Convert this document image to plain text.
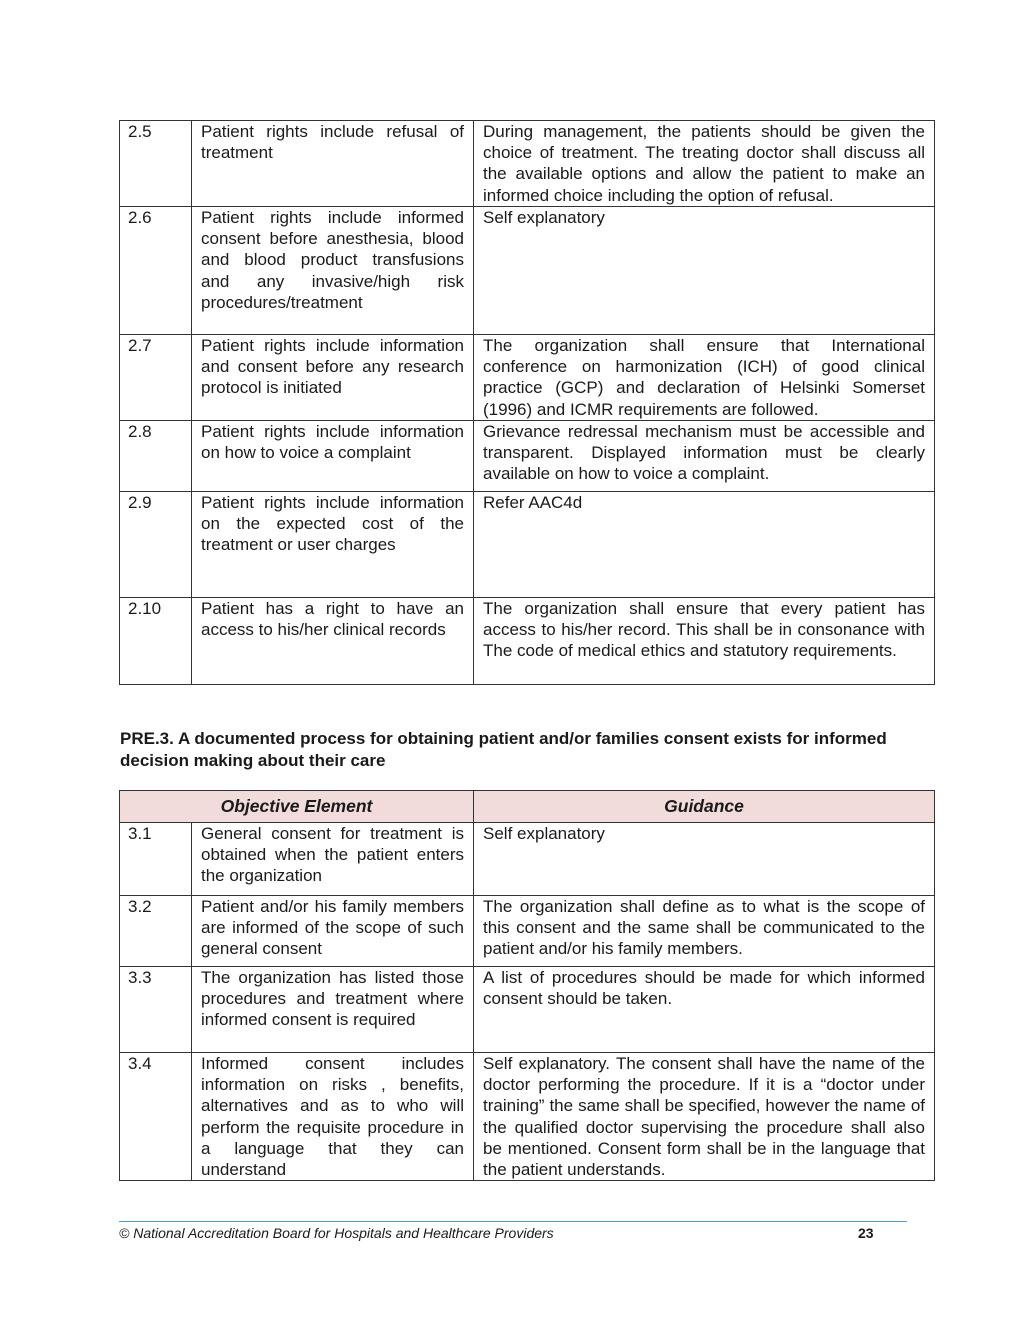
2.5	Patient rights include refusal of treatment	During management, the patients should be given the choice of treatment. The treating doctor shall discuss all the available options and allow the patient to make an informed choice including the option of refusal.
2.6	Patient rights include informed consent before anesthesia, blood and blood product transfusions and any invasive/high risk procedures/treatment	Self explanatory
2.7	Patient rights include information and consent before any research protocol is initiated	The organization shall ensure that International conference on harmonization (ICH) of good clinical practice (GCP) and declaration of Helsinki Somerset (1996) and ICMR requirements are followed.
2.8	Patient rights include information on how to voice a complaint	Grievance redressal mechanism must be accessible and transparent. Displayed information must be clearly available on how to voice a complaint.
2.9	Patient rights include information on the expected cost of the treatment or user charges	Refer AAC4d
2.10	Patient has a right to have an access to his/her clinical records	The organization shall ensure that every patient has access to his/her record. This shall be in consonance with The code of medical ethics and statutory requirements.

PRE.3. A documented process for obtaining patient and/or families consent exists for informed decision making about their care

Objective Element		Guidance
3.1	General consent for treatment is obtained when the patient enters the organization	Self explanatory
3.2	Patient and/or his family members are informed of the scope of such general consent	The organization shall define as to what is the scope of this consent and the same shall be communicated to the patient and/or his family members.
3.3	The organization has listed those procedures and treatment where informed consent is required	A list of procedures should be made for which informed consent should be taken.
3.4	Informed consent includes information on risks , benefits, alternatives and as to who will perform the requisite procedure in a language that they can understand	Self explanatory. The consent shall have the name of the doctor performing the procedure. If it is a “doctor under training” the same shall be specified, however the name of the qualified doctor supervising the procedure shall also be mentioned. Consent form shall be in the language that the patient understands.
© National Accreditation Board for Hospitals and Healthcare Providers	23
